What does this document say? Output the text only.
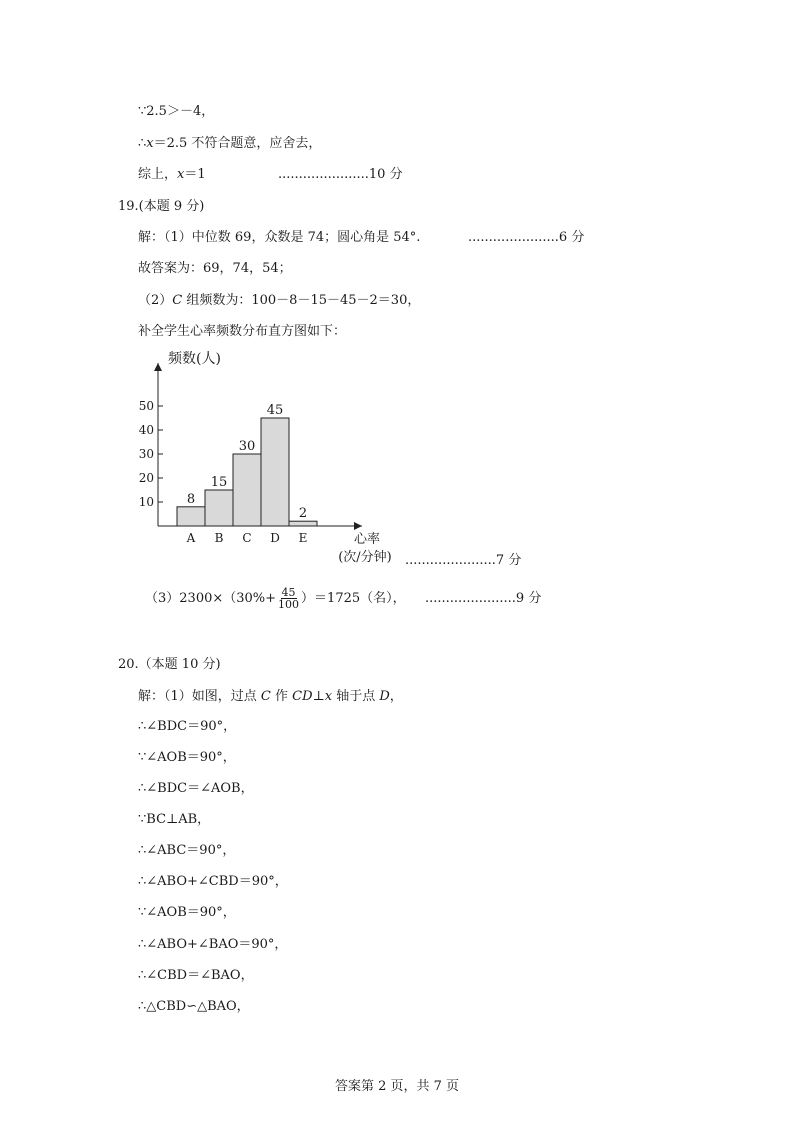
∵2.5＞－4，
∴x＝2.5 不符合题意，应舍去，
综上，x＝1	......................10 分
19.(本题 9 分)
解：（1）中位数 69，众数是 74；圆心角是 54°.	......................6 分
故答案为：69，74，54；
（2）C 组频数为：100－8－15－45－2＝30，
补全学生心率频数分布直方图如下：
频数(人)
10
20
30
40
50
8
A
15
B
30
C
45
D
2
E	心率
(次/分钟) ......................7 分
$(3)2300\times(30\%+ \frac{45}{100} )=1725$（名）， ......................9 分
20.（本题 10 分)
解：（1）如图，过点 C 作 CD⊥x 轴于点 D，
∴∠BDC＝90°，
∵∠AOB＝90°，
∴∠BDC＝∠AOB，
∵BC⊥AB，
∴∠ABC＝90°，
∴∠ABO+∠CBD＝90°，
∵∠AOB＝90°，
∴∠ABO+∠BAO＝90°，
∴∠CBD＝∠BAO，
∴△CBD∽△BAO，
答案第 2 页，共 7 页
